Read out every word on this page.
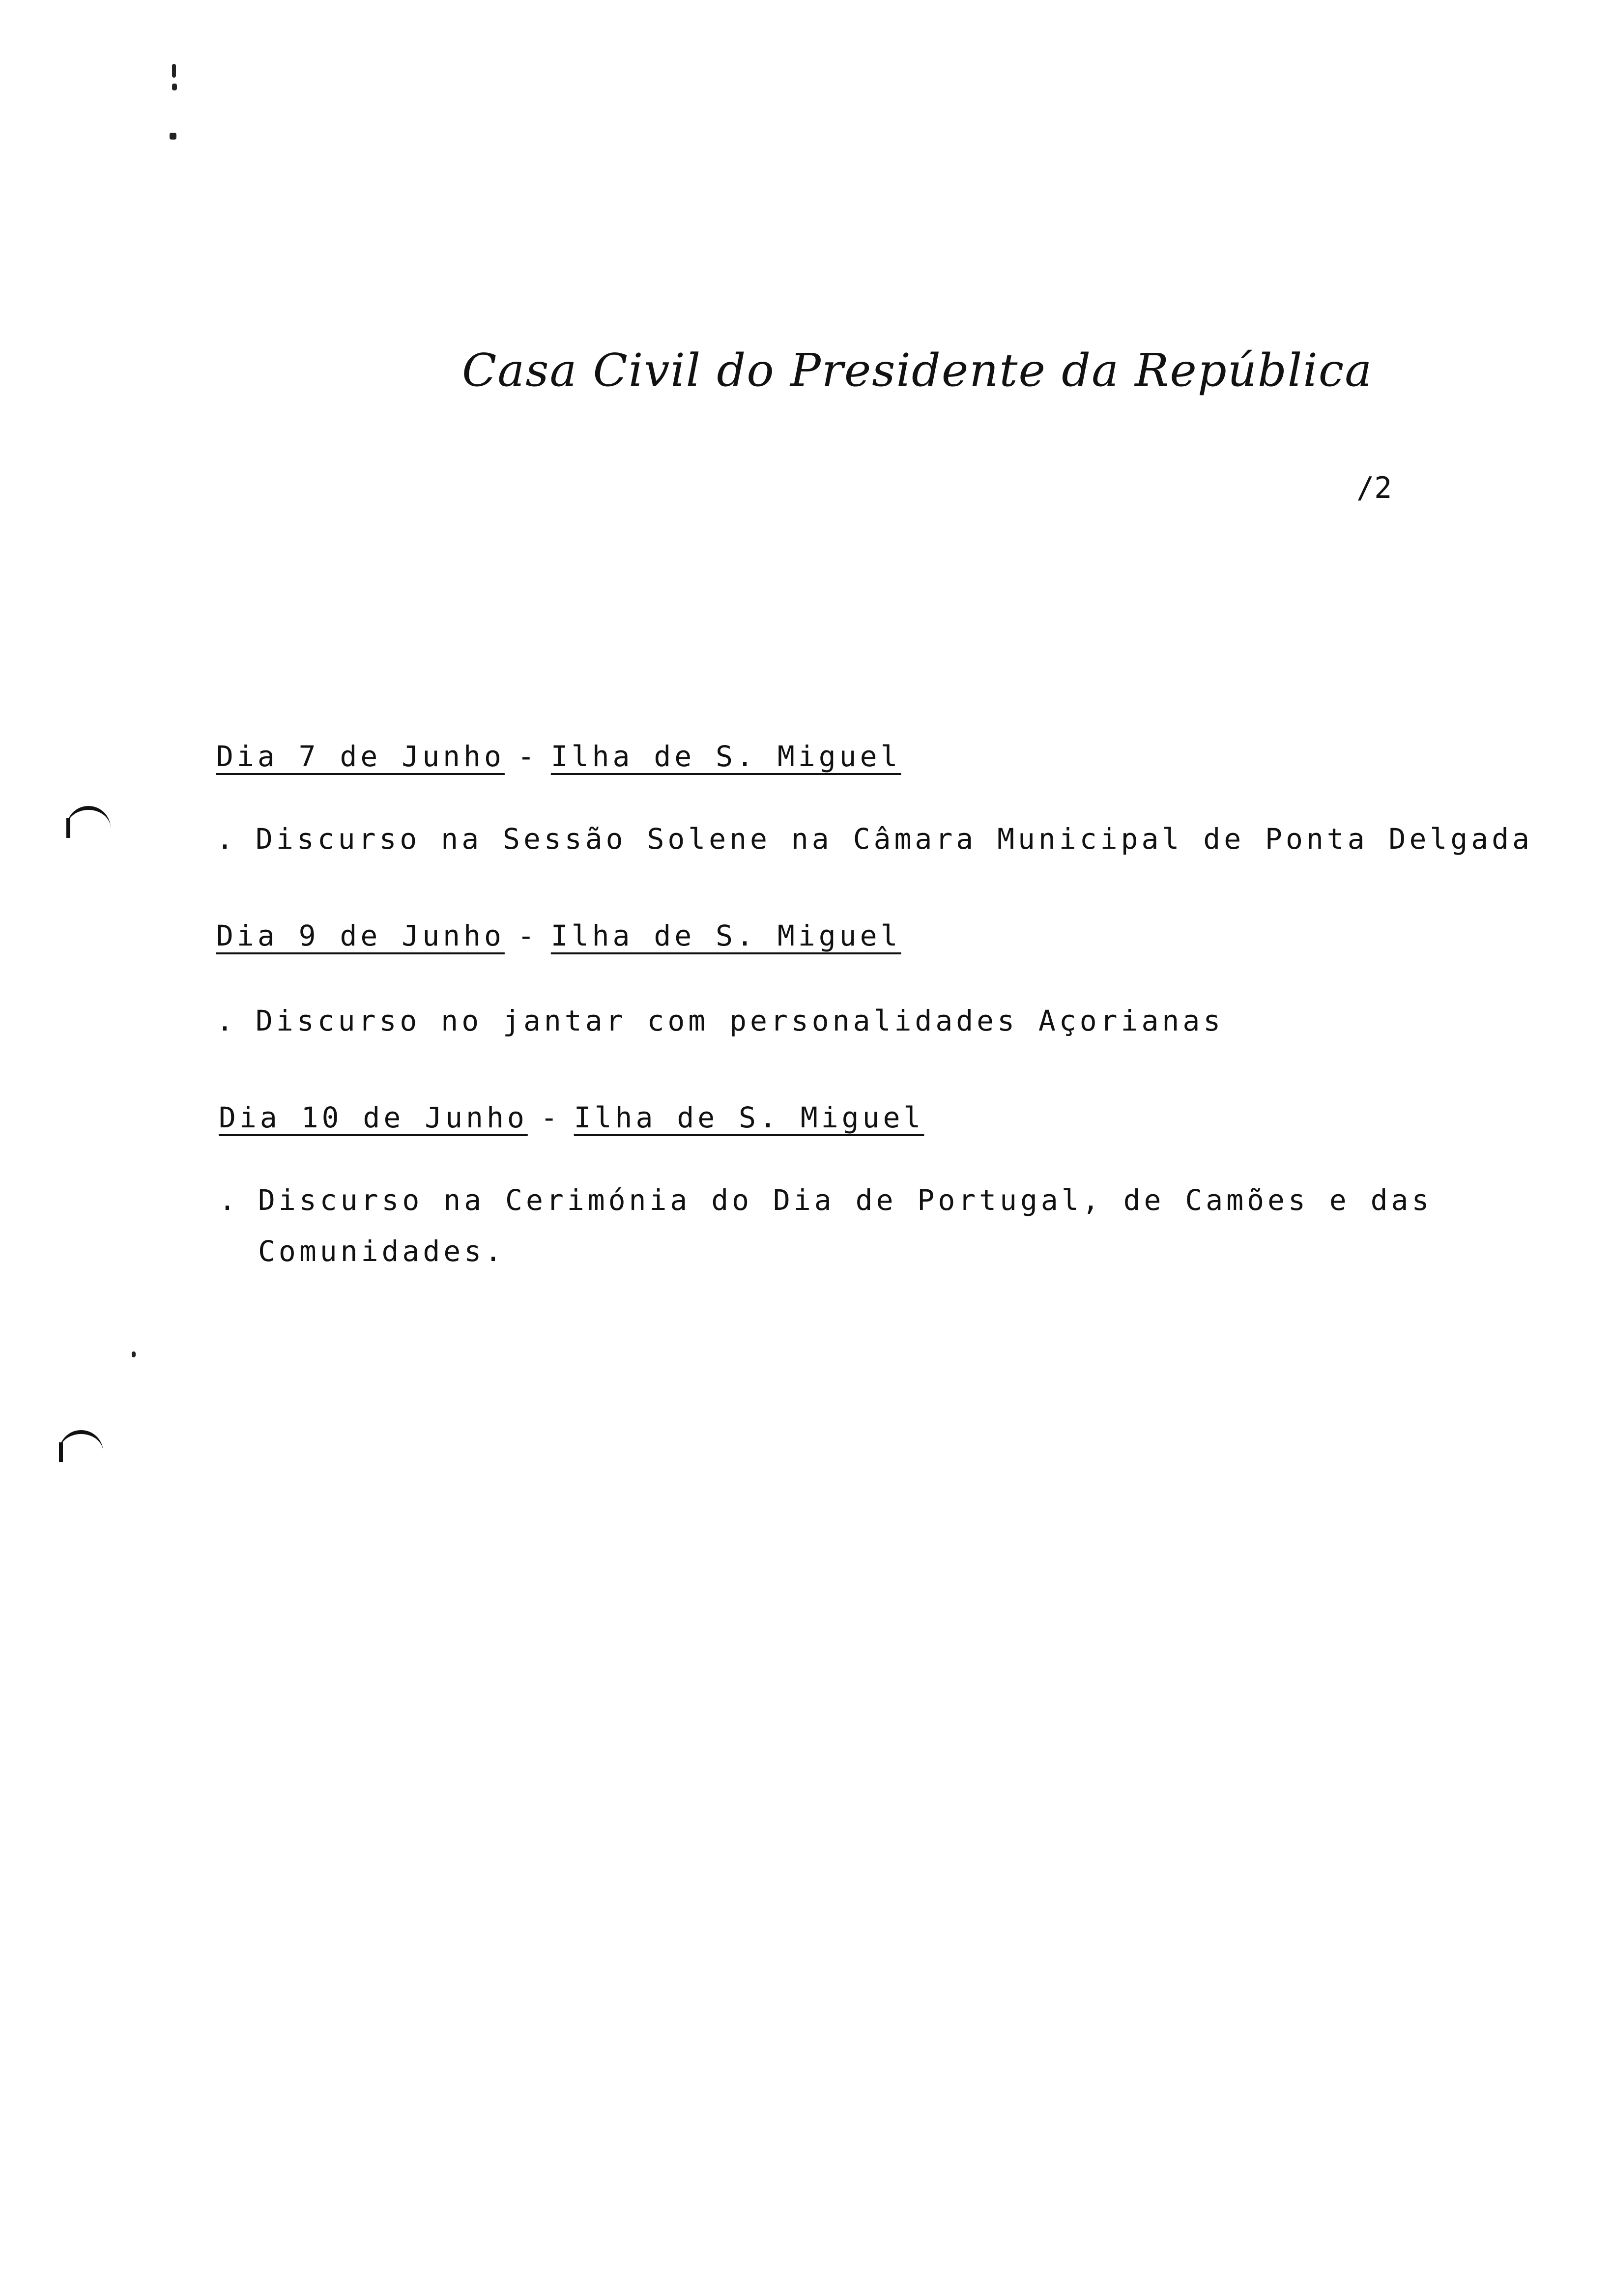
Casa Civil do Presidente da República
/2
Dia 7 de Junho - Ilha de S. Miguel
. Discurso na Sessão Solene na Câmara Municipal de Ponta Delgada
Dia 9 de Junho - Ilha de S. Miguel
. Discurso no jantar com personalidades Açorianas
Dia 10 de Junho - Ilha de S. Miguel
. Discurso na Cerimónia do Dia de Portugal, de Camões e das
Comunidades.
